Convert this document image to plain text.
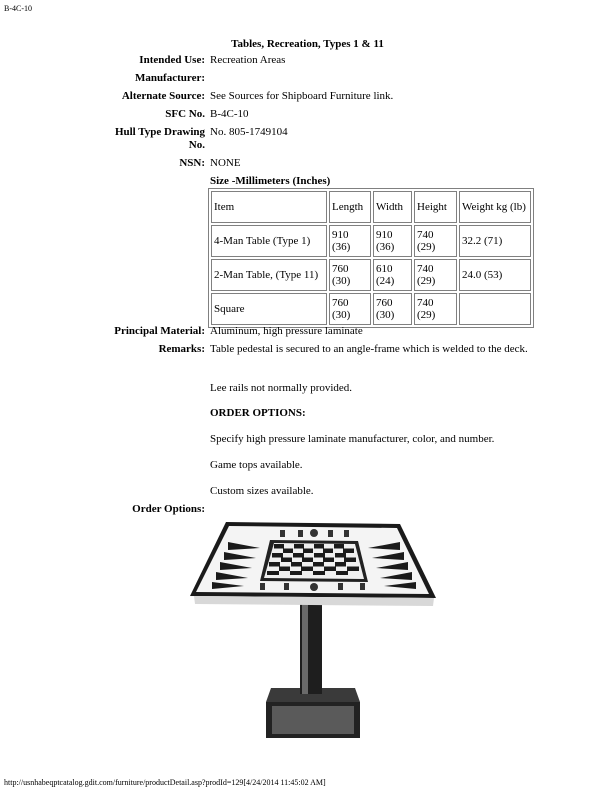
B-4C-10
Tables, Recreation, Types 1 & 11
Intended Use: Recreation Areas
Manufacturer:
Alternate Source: See Sources for Shipboard Furniture link.
SFC No. B-4C-10
Hull Type Drawing
No.
No. 805-1749104
NSN: NONE
Size -Millimeters (Inches)
Item	Length	Width	Height	Weight kg (lb)
4-Man Table (Type 1)	910 (36)	910 (36)	740 (29)	32.2 (71)
2-Man Table, (Type 11)	760 (30)	610 (24)	740 (29)	24.0 (53)
Square	760 (30)	760 (30)	740 (29)	
Principal Material: Aluminum, high pressure laminate
Remarks: Table pedestal is secured to an angle-frame which is welded to the deck.
Lee rails not normally provided.
ORDER OPTIONS:
Specify high pressure laminate manufacturer, color, and number.
Game tops available.
Custom sizes available.
Order Options:
http://usnhabeqptcatalog.gdit.com/furniture/productDetail.asp?prodId=129[4/24/2014 11:45:02 AM]
